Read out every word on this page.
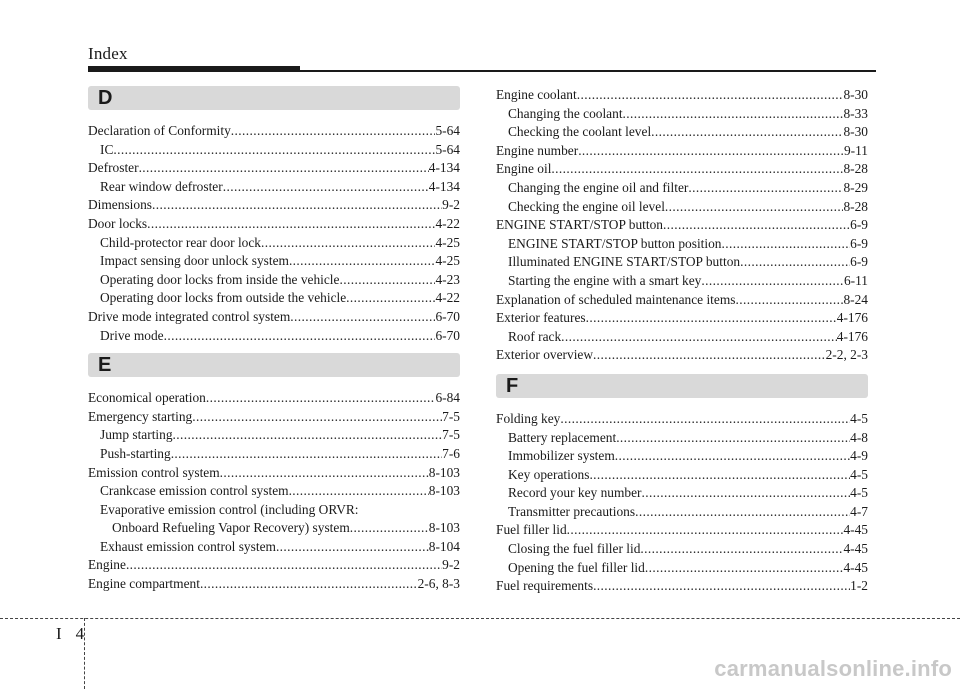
Index
D
Declaration of Conformity .....	5-64
IC .....	5-64
Defroster .....	4-134
Rear window defroster .....	4-134
Dimensions .....	9-2
Door locks .....	4-22
Child-protector rear door lock .....	4-25
Impact sensing door unlock system .....	4-25
Operating door locks from inside the vehicle .....	4-23
Operating door locks from outside the vehicle .....	4-22
Drive mode integrated control system .....	6-70
Drive mode .....	6-70
E
Economical operation .....	6-84
Emergency starting .....	7-5
Jump starting .....	7-5
Push-starting .....	7-6
Emission control system .....	8-103
Crankcase emission control system .....	8-103
Evaporative emission control (including ORVR:
Onboard Refueling Vapor Recovery) system .....	8-103
Exhaust emission control system .....	8-104
Engine .....	9-2
Engine compartment .....	2-6, 8-3
Engine coolant .....	8-30
Changing the coolant .....	8-33
Checking the coolant level .....	8-30
Engine number .....	9-11
Engine oil .....	8-28
Changing the engine oil and filter .....	8-29
Checking the engine oil level .....	8-28
ENGINE START/STOP button .....	6-9
ENGINE START/STOP button position .....	6-9
Illuminated ENGINE START/STOP button .....	6-9
Starting the engine with a smart key .....	6-11
Explanation of scheduled maintenance items .....	8-24
Exterior features .....	4-176
Roof rack .....	4-176
Exterior overview .....	2-2, 2-3
F
Folding key .....	4-5
Battery replacement .....	4-8
Immobilizer system .....	4-9
Key operations .....	4-5
Record your key number .....	4-5
Transmitter precautions .....	4-7
Fuel filler lid .....	4-45
Closing the fuel filler lid .....	4-45
Opening the fuel filler lid .....	4-45
Fuel requirements .....	1-2
I 4
carmanualsonline.info
